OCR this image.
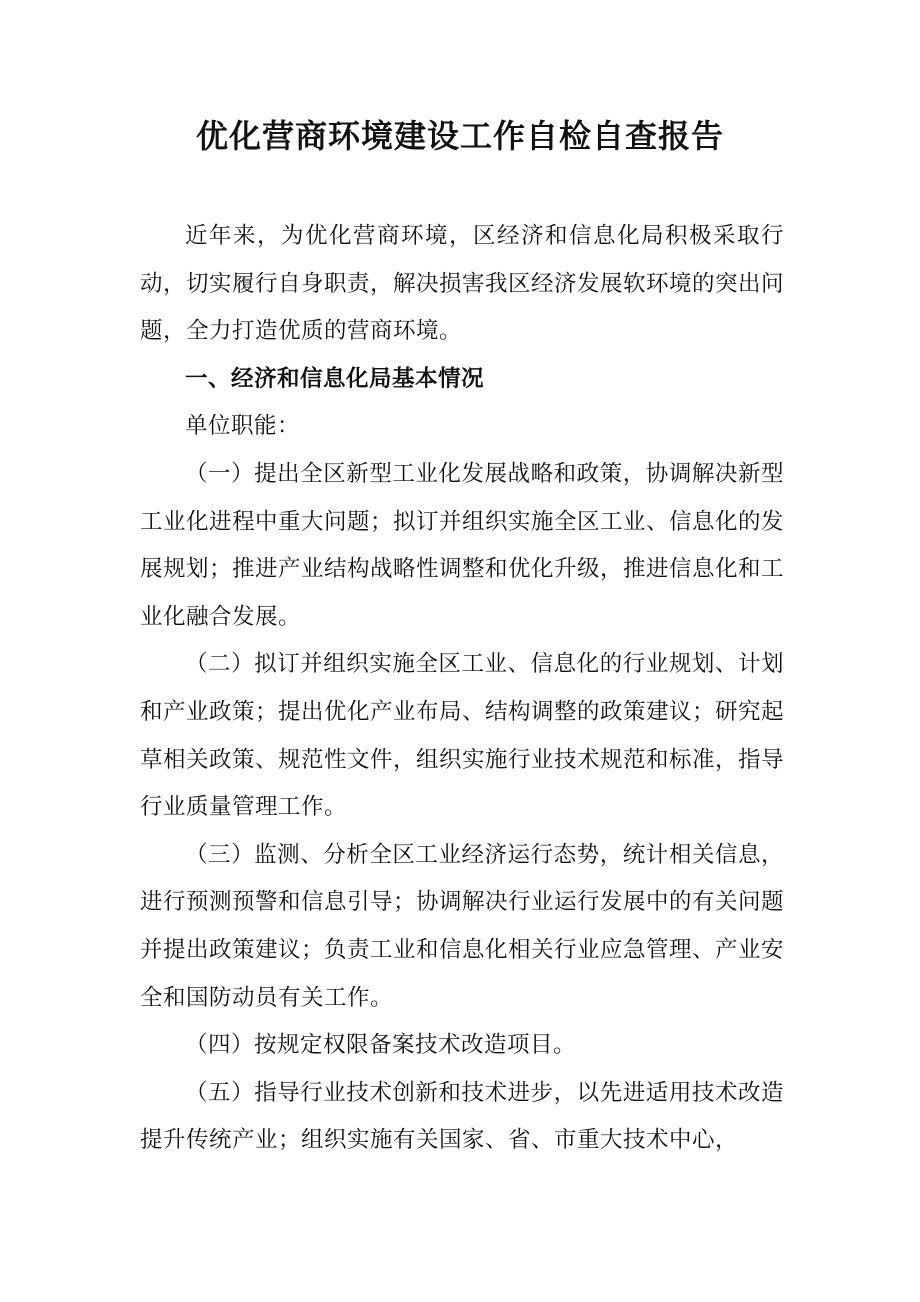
优化营商环境建设工作自检自查报告

近年来，为优化营商环境，区经济和信息化局积极采取行动，切实履行自身职责，解决损害我区经济发展软环境的突出问题，全力打造优质的营商环境。

一、经济和信息化局基本情况

单位职能：

（一）提出全区新型工业化发展战略和政策，协调解决新型工业化进程中重大问题；拟订并组织实施全区工业、信息化的发展规划；推进产业结构战略性调整和优化升级，推进信息化和工业化融合发展。

（二）拟订并组织实施全区工业、信息化的行业规划、计划和产业政策；提出优化产业布局、结构调整的政策建议；研究起草相关政策、规范性文件，组织实施行业技术规范和标准，指导行业质量管理工作。

（三）监测、分析全区工业经济运行态势，统计相关信息，进行预测预警和信息引导；协调解决行业运行发展中的有关问题并提出政策建议；负责工业和信息化相关行业应急管理、产业安全和国防动员有关工作。

（四）按规定权限备案技术改造项目。

（五）指导行业技术创新和技术进步，以先进适用技术改造提升传统产业；组织实施有关国家、省、市重大技术中心，
